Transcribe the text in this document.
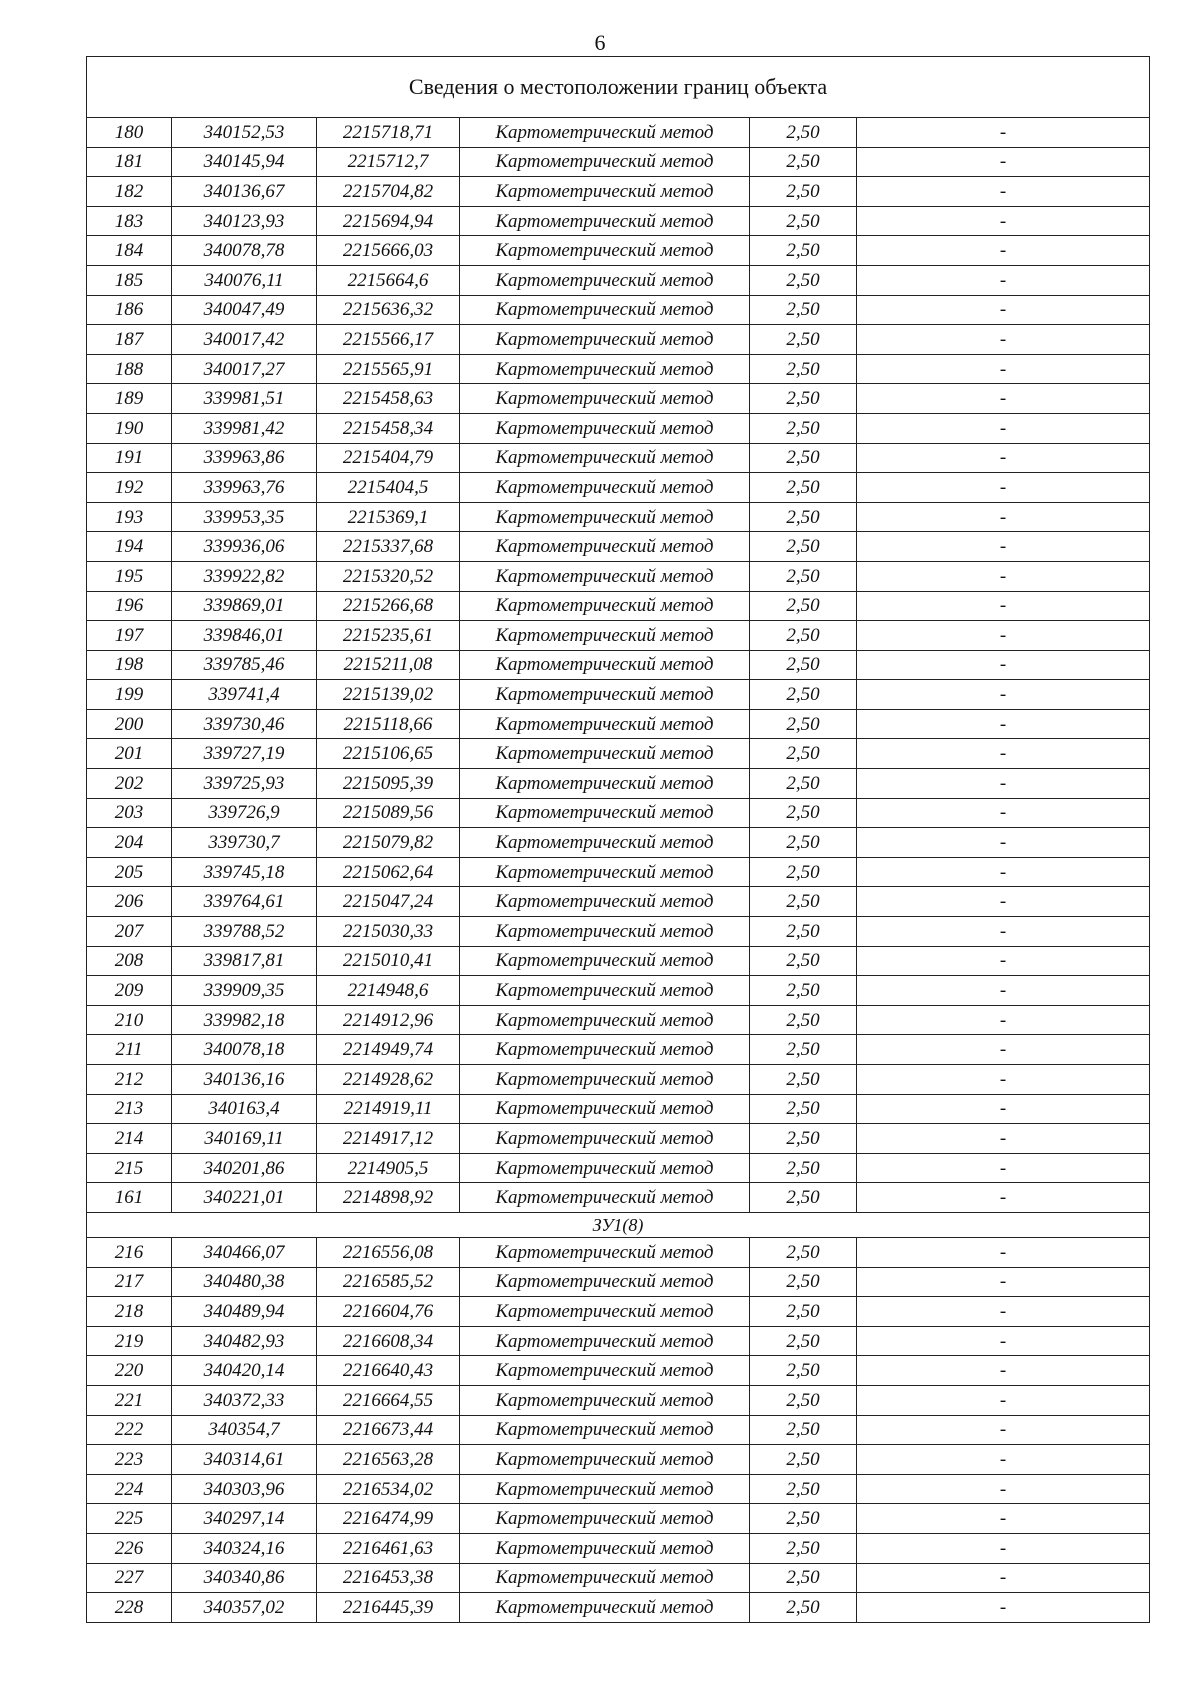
6
Сведения о местоположении границ объекта					
180	340152,53	2215718,71	Картометрический метод	2,50	-
181	340145,94	2215712,7	Картометрический метод	2,50	-
182	340136,67	2215704,82	Картометрический метод	2,50	-
183	340123,93	2215694,94	Картометрический метод	2,50	-
184	340078,78	2215666,03	Картометрический метод	2,50	-
185	340076,11	2215664,6	Картометрический метод	2,50	-
186	340047,49	2215636,32	Картометрический метод	2,50	-
187	340017,42	2215566,17	Картометрический метод	2,50	-
188	340017,27	2215565,91	Картометрический метод	2,50	-
189	339981,51	2215458,63	Картометрический метод	2,50	-
190	339981,42	2215458,34	Картометрический метод	2,50	-
191	339963,86	2215404,79	Картометрический метод	2,50	-
192	339963,76	2215404,5	Картометрический метод	2,50	-
193	339953,35	2215369,1	Картометрический метод	2,50	-
194	339936,06	2215337,68	Картометрический метод	2,50	-
195	339922,82	2215320,52	Картометрический метод	2,50	-
196	339869,01	2215266,68	Картометрический метод	2,50	-
197	339846,01	2215235,61	Картометрический метод	2,50	-
198	339785,46	2215211,08	Картометрический метод	2,50	-
199	339741,4	2215139,02	Картометрический метод	2,50	-
200	339730,46	2215118,66	Картометрический метод	2,50	-
201	339727,19	2215106,65	Картометрический метод	2,50	-
202	339725,93	2215095,39	Картометрический метод	2,50	-
203	339726,9	2215089,56	Картометрический метод	2,50	-
204	339730,7	2215079,82	Картометрический метод	2,50	-
205	339745,18	2215062,64	Картометрический метод	2,50	-
206	339764,61	2215047,24	Картометрический метод	2,50	-
207	339788,52	2215030,33	Картометрический метод	2,50	-
208	339817,81	2215010,41	Картометрический метод	2,50	-
209	339909,35	2214948,6	Картометрический метод	2,50	-
210	339982,18	2214912,96	Картометрический метод	2,50	-
211	340078,18	2214949,74	Картометрический метод	2,50	-
212	340136,16	2214928,62	Картометрический метод	2,50	-
213	340163,4	2214919,11	Картометрический метод	2,50	-
214	340169,11	2214917,12	Картометрический метод	2,50	-
215	340201,86	2214905,5	Картометрический метод	2,50	-
161	340221,01	2214898,92	Картометрический метод	2,50	-
ЗУ1(8)					
216	340466,07	2216556,08	Картометрический метод	2,50	-
217	340480,38	2216585,52	Картометрический метод	2,50	-
218	340489,94	2216604,76	Картометрический метод	2,50	-
219	340482,93	2216608,34	Картометрический метод	2,50	-
220	340420,14	2216640,43	Картометрический метод	2,50	-
221	340372,33	2216664,55	Картометрический метод	2,50	-
222	340354,7	2216673,44	Картометрический метод	2,50	-
223	340314,61	2216563,28	Картометрический метод	2,50	-
224	340303,96	2216534,02	Картометрический метод	2,50	-
225	340297,14	2216474,99	Картометрический метод	2,50	-
226	340324,16	2216461,63	Картометрический метод	2,50	-
227	340340,86	2216453,38	Картометрический метод	2,50	-
228	340357,02	2216445,39	Картометрический метод	2,50	-
